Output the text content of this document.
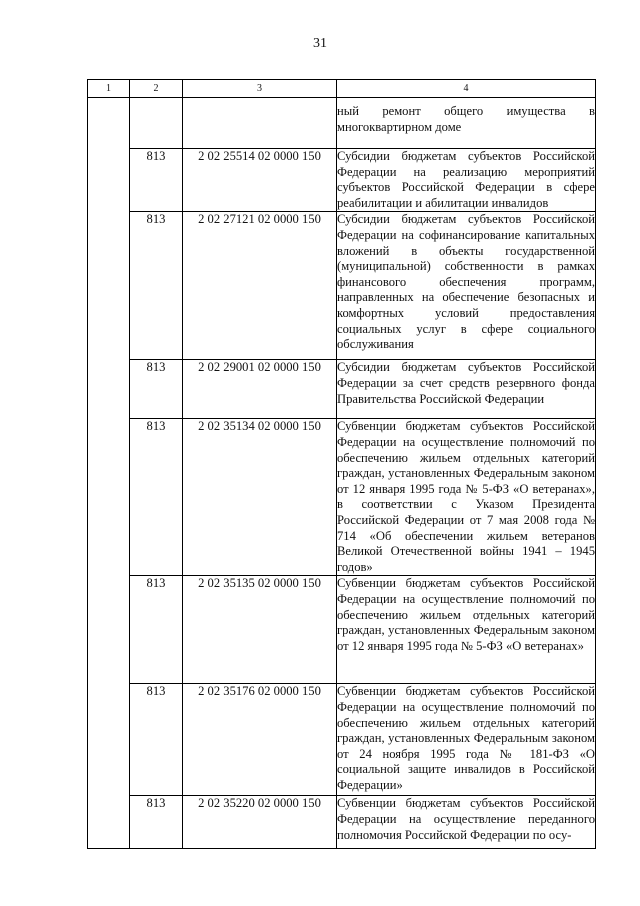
31
1	2	3	4
			ный ремонт общего имущества в многоквартирном доме
	813	2 02 25514 02 0000 150	Субсидии бюджетам субъектов Российской Федерации на реализацию мероприятий субъектов Российской Федерации в сфере реабилитации и абилитации инвалидов
	813	2 02 27121 02 0000 150	Субсидии бюджетам субъектов Российской Федерации на софинансирование капитальных вложений в объекты государственной (муниципальной) собственности в рамках финансового обеспечения программ, направленных на обеспечение безопасных и комфортных условий предоставления социальных услуг в сфере социального обслуживания
	813	2 02 29001 02 0000 150	Субсидии бюджетам субъектов Российской Федерации за счет средств резервного фонда Правительства Российской Федерации
	813	2 02 35134 02 0000 150	Субвенции бюджетам субъектов Российской Федерации на осуществление полномочий по обеспечению жильем отдельных категорий граждан, установленных Федеральным законом от 12 января 1995 года № 5-ФЗ «О ветеранах», в соответствии с Указом Президента Российской Федерации от 7 мая 2008 года № 714 «Об обеспечении жильем ветеранов Великой Отечественной войны 1941 – 1945 годов»
	813	2 02 35135 02 0000 150	Субвенции бюджетам субъектов Российской Федерации на осуществление полномочий по обеспечению жильем отдельных категорий граждан, установленных Федеральным законом от 12 января 1995 года № 5-ФЗ «О ветеранах»
	813	2 02 35176 02 0000 150	Субвенции бюджетам субъектов Российской Федерации на осуществление полномочий по обеспечению жильем отдельных категорий граждан, установленных Федеральным законом от 24 ноября 1995 года № 181-ФЗ «О социальной защите инвалидов в Российской Федерации»
	813	2 02 35220 02 0000 150	Субвенции бюджетам субъектов Российской Федерации на осуществление переданного полномочия Российской Федерации по осу-
